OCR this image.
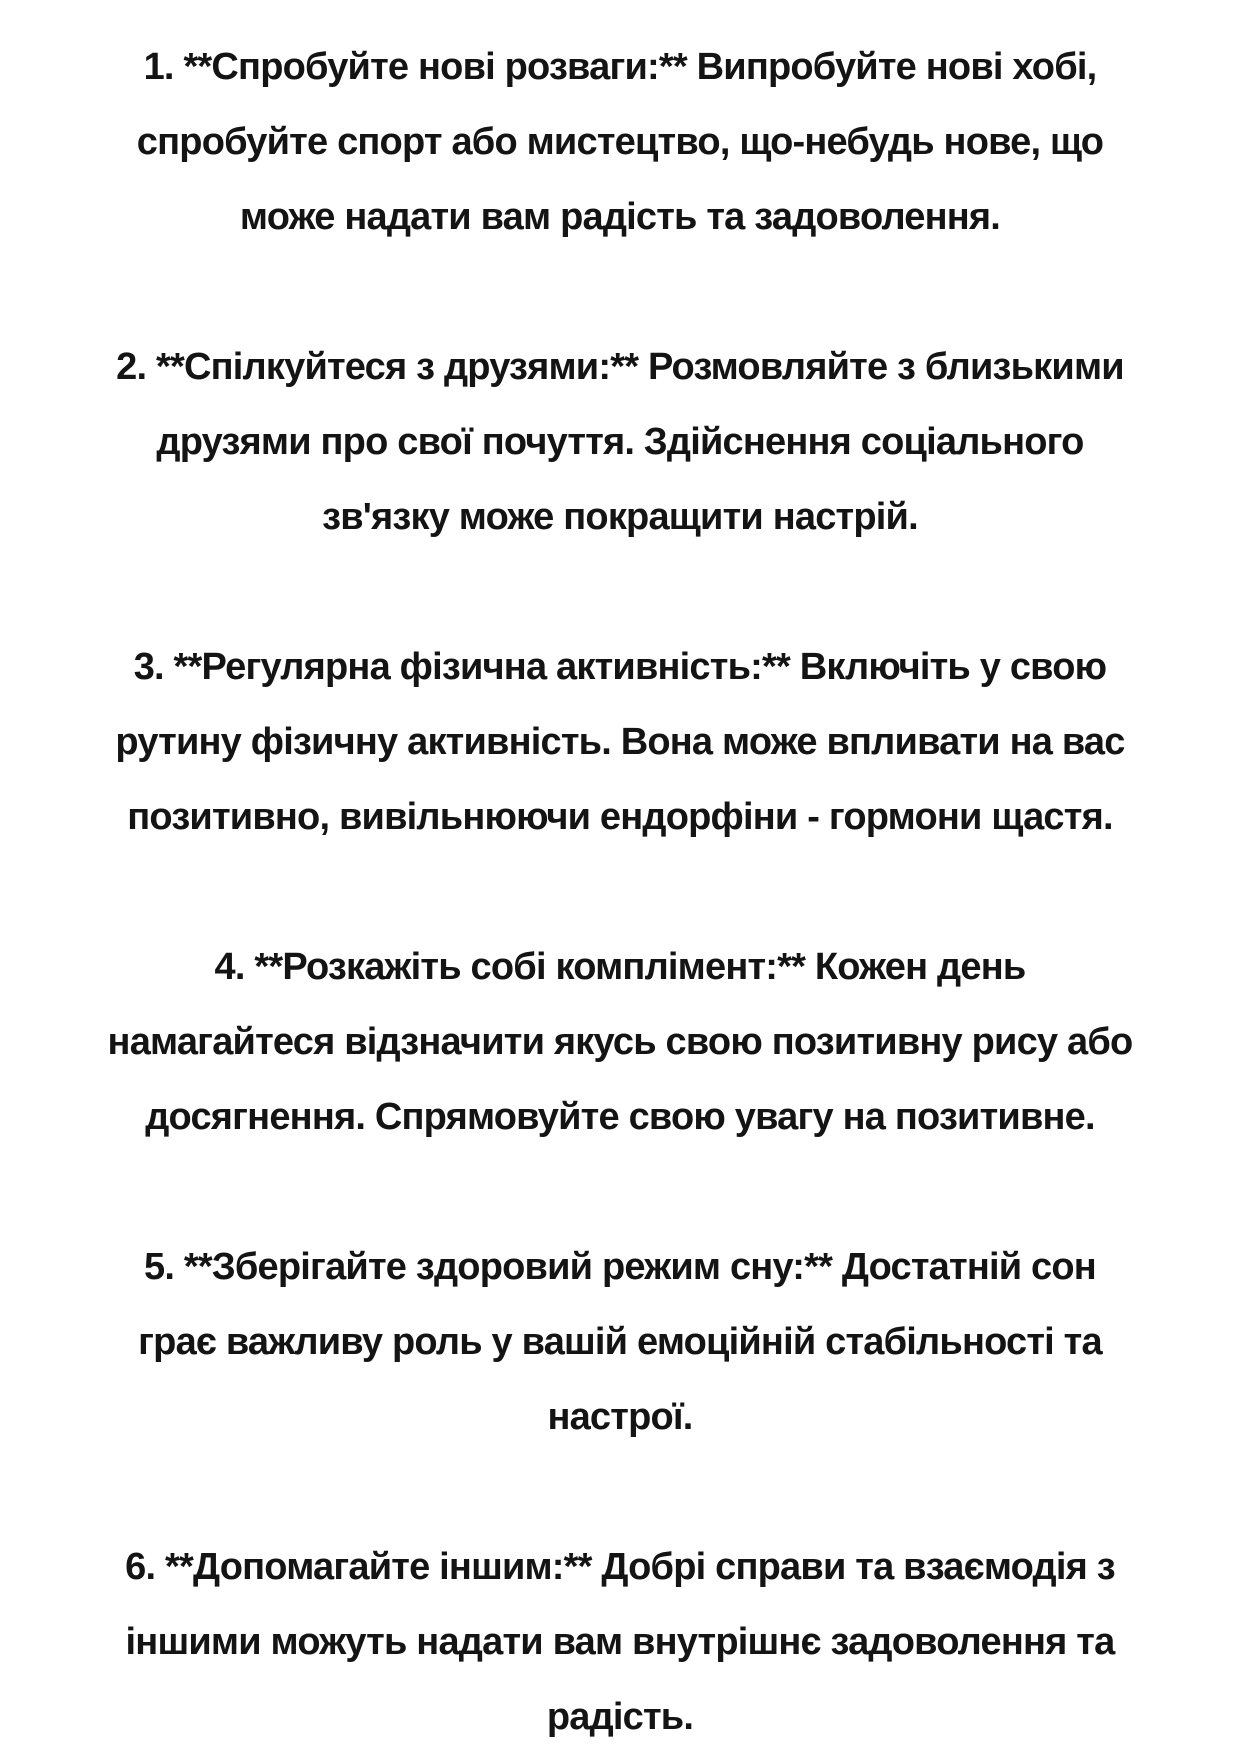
1. **Спробуйте нові розваги:** Випробуйте нові хобі,
спробуйте спорт або мистецтво, що-небудь нове, що
може надати вам радість та задоволення.

2. **Спілкуйтеся з друзями:** Розмовляйте з близькими
друзями про свої почуття. Здійснення соціального
зв'язку може покращити настрій.

3. **Регулярна фізична активність:** Включіть у свою
рутину фізичну активність. Вона може впливати на вас
позитивно, вивільнюючи ендорфіни - гормони щастя.

4. **Розкажіть собі комплімент:** Кожен день
намагайтеся відзначити якусь свою позитивну рису або
досягнення. Спрямовуйте свою увагу на позитивне.

5. **Зберігайте здоровий режим сну:** Достатній сон
грає важливу роль у вашій емоційній стабільності та
настрої.

6. **Допомагайте іншим:** Добрі справи та взаємодія з
іншими можуть надати вам внутрішнє задоволення та
радість.
